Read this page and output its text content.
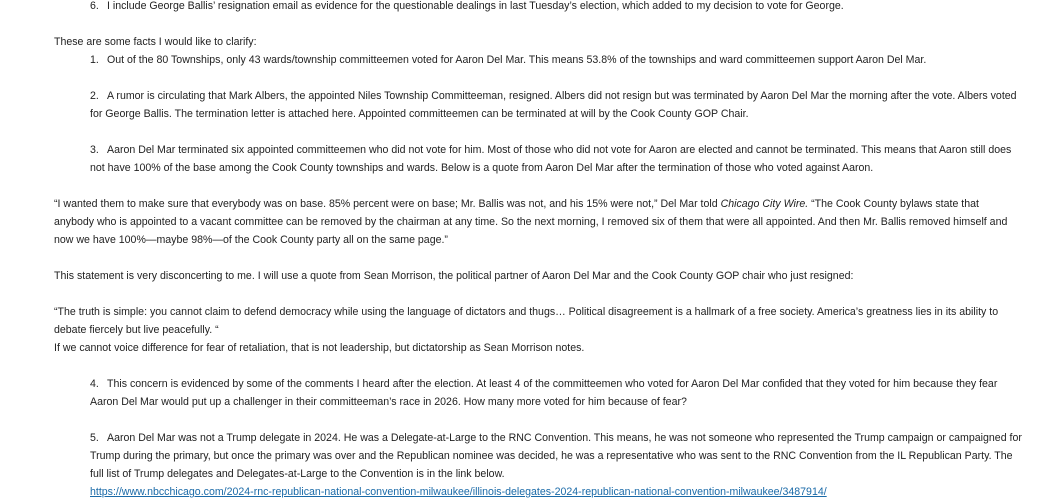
6. I include George Ballis’ resignation email as evidence for the questionable dealings in last Tuesday’s election, which added to my decision to vote for George.
These are some facts I would like to clarify:
1. Out of the 80 Townships, only 43 wards/township committeemen voted for Aaron Del Mar. This means 53.8% of the townships and ward committeemen support Aaron Del Mar.
2. A rumor is circulating that Mark Albers, the appointed Niles Township Committeeman, resigned. Albers did not resign but was terminated by Aaron Del Mar the morning after the vote. Albers voted
for George Ballis. The termination letter is attached here. Appointed committeemen can be terminated at will by the Cook County GOP Chair.
3. Aaron Del Mar terminated six appointed committeemen who did not vote for him. Most of those who did not vote for Aaron are elected and cannot be terminated. This means that Aaron still does
not have 100% of the base among the Cook County townships and wards. Below is a quote from Aaron Del Mar after the termination of those who voted against Aaron.
“I wanted them to make sure that everybody was on base. 85% percent were on base; Mr. Ballis was not, and his 15% were not,” Del Mar told Chicago City Wire. “The Cook County bylaws state that
anybody who is appointed to a vacant committee can be removed by the chairman at any time. So the next morning, I removed six of them that were all appointed. And then Mr. Ballis removed himself and
now we have 100%—maybe 98%—of the Cook County party all on the same page.”
This statement is very disconcerting to me. I will use a quote from Sean Morrison, the political partner of Aaron Del Mar and the Cook County GOP chair who just resigned:
“The truth is simple: you cannot claim to defend democracy while using the language of dictators and thugs… Political disagreement is a hallmark of a free society. America’s greatness lies in its ability to
debate fiercely but live peacefully. “
If we cannot voice difference for fear of retaliation, that is not leadership, but dictatorship as Sean Morrison notes.
4. This concern is evidenced by some of the comments I heard after the election. At least 4 of the committeemen who voted for Aaron Del Mar confided that they voted for him because they fear
Aaron Del Mar would put up a challenger in their committeeman’s race in 2026. How many more voted for him because of fear?
5. Aaron Del Mar was not a Trump delegate in 2024. He was a Delegate-at-Large to the RNC Convention. This means, he was not someone who represented the Trump campaign or campaigned for
Trump during the primary, but once the primary was over and the Republican nominee was decided, he was a representative who was sent to the RNC Convention from the IL Republican Party. The
full list of Trump delegates and Delegates-at-Large to the Convention is in the link below.
https://www.nbcchicago.com/2024-rnc-republican-national-convention-milwaukee/illinois-delegates-2024-republican-national-convention-milwaukee/3487914/
